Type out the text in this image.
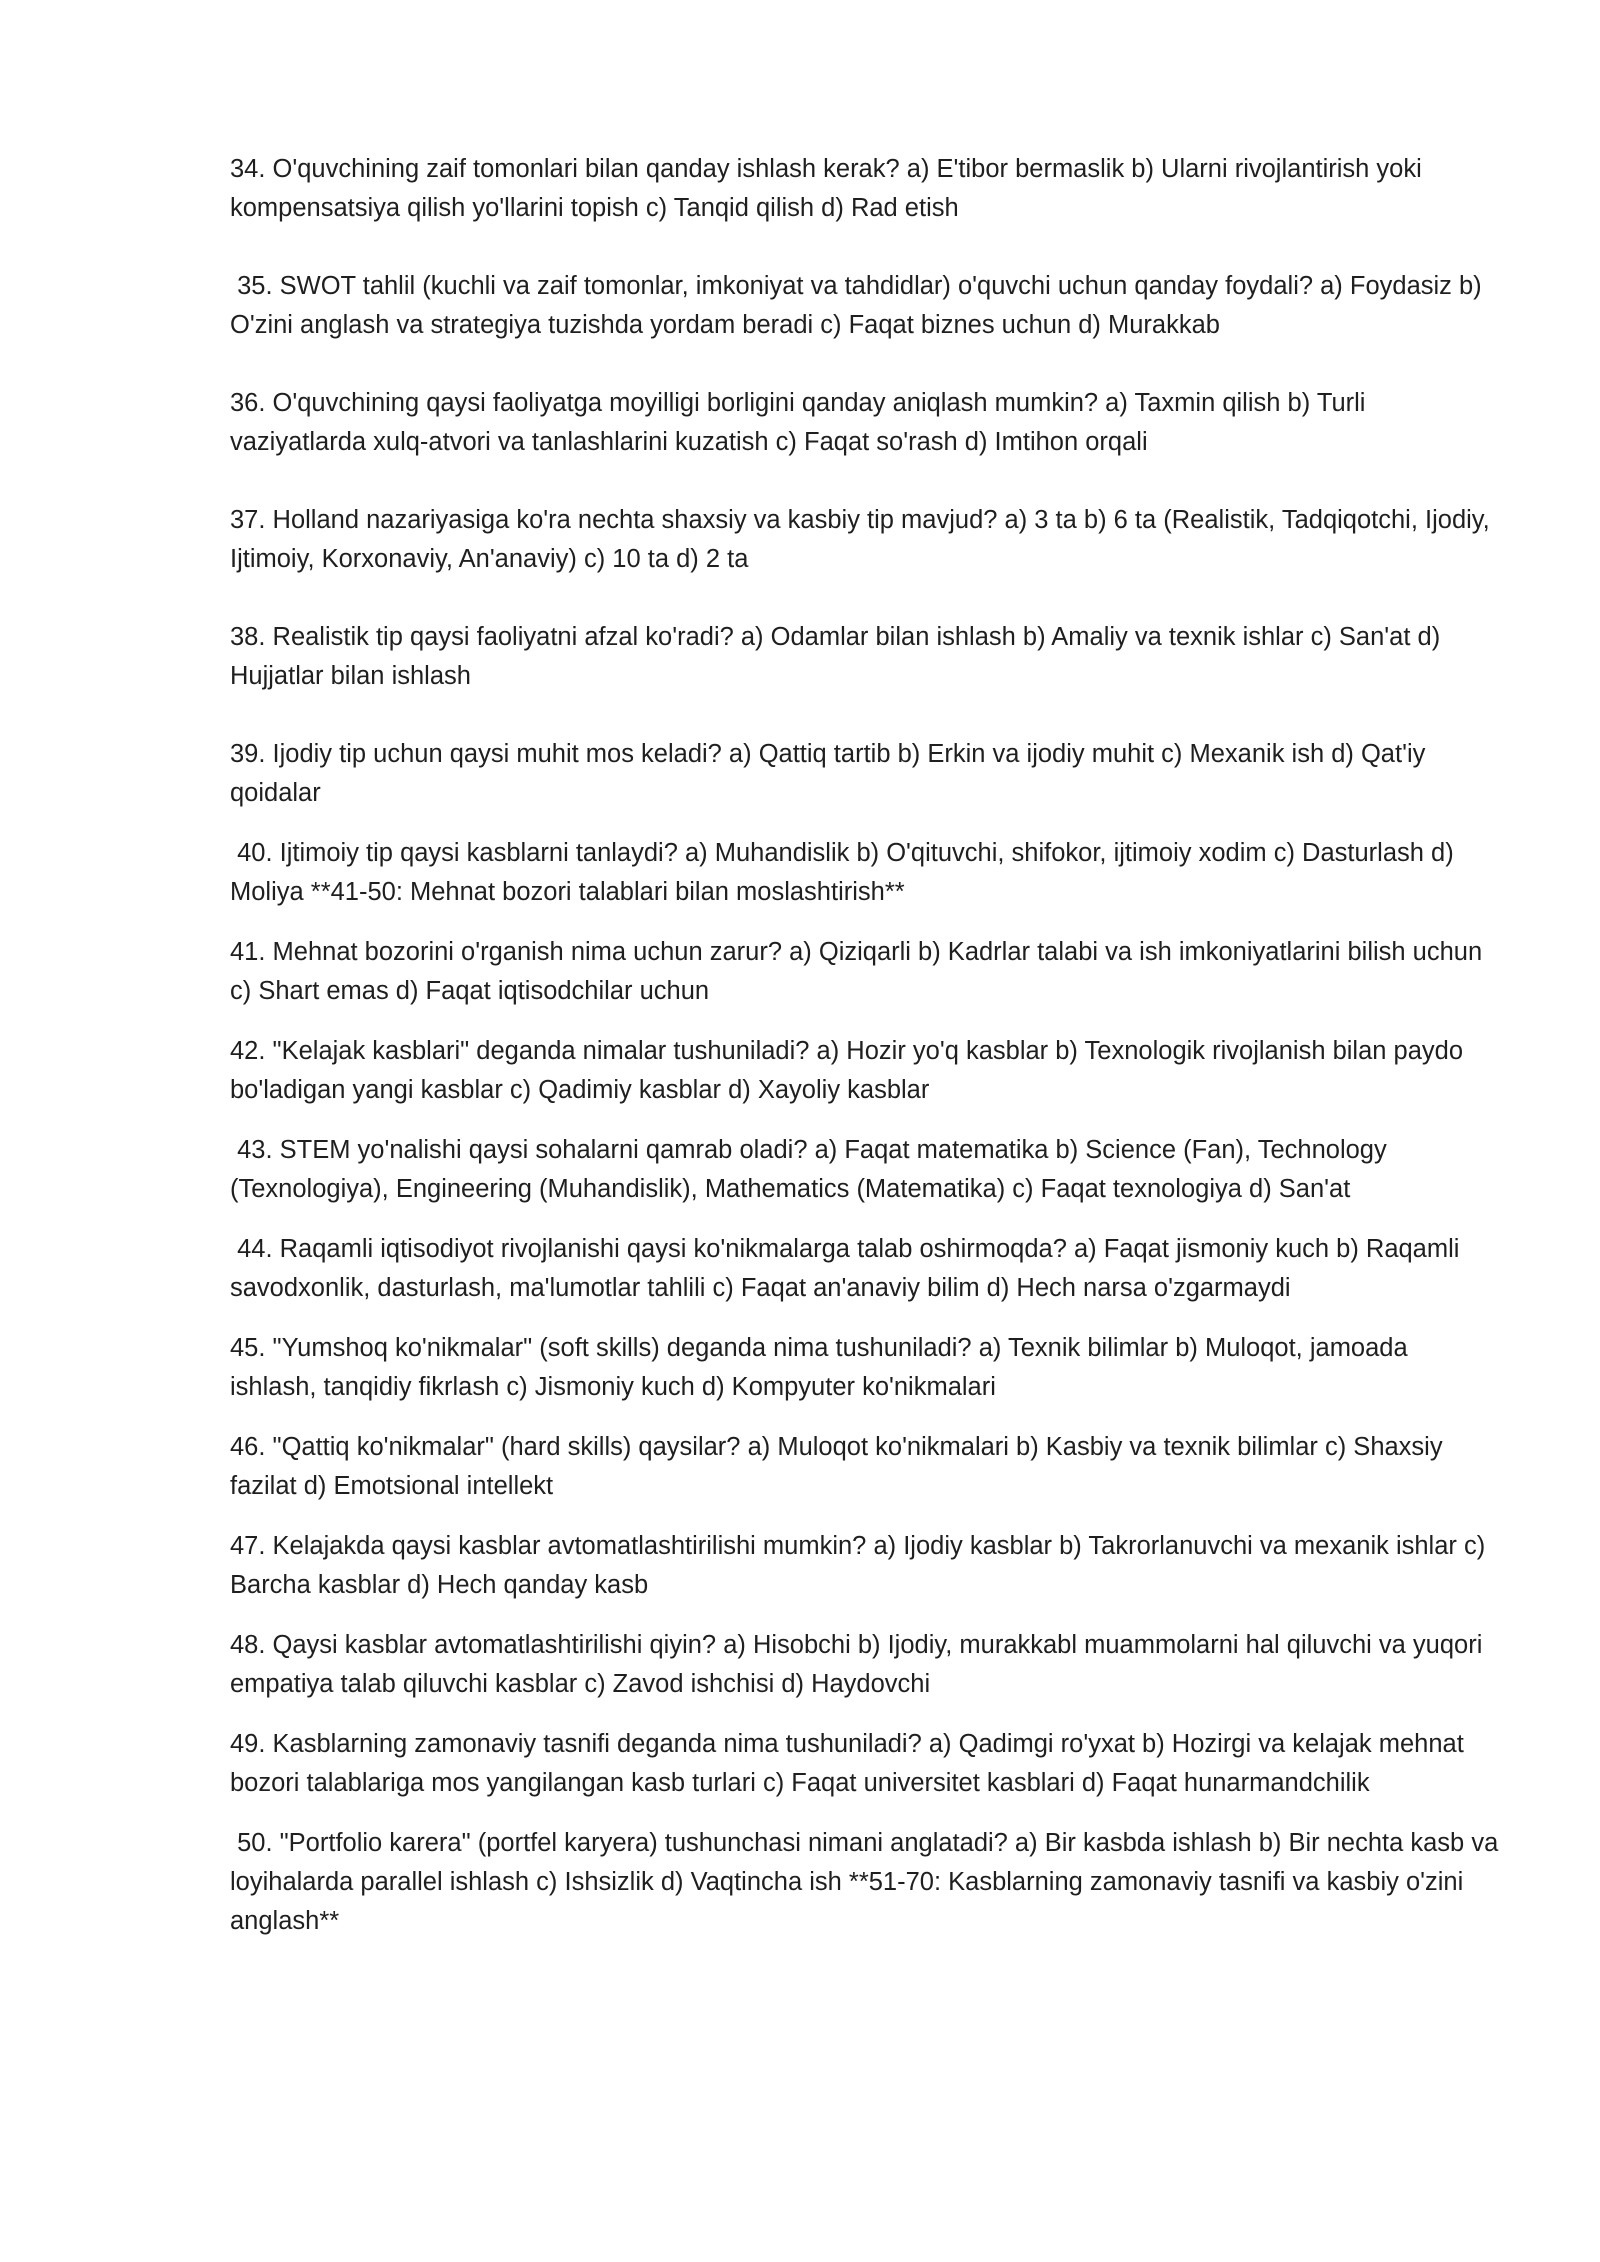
34. O'quvchining zaif tomonlari bilan qanday ishlash kerak? a) E'tibor bermaslik b) Ularni rivojlantirish yoki kompensatsiya qilish yo'llarini topish c) Tanqid qilish d) Rad etish

35. SWOT tahlil (kuchli va zaif tomonlar, imkoniyat va tahdidlar) o'quvchi uchun qanday foydali? a) Foydasiz b) O'zini anglash va strategiya tuzishda yordam beradi c) Faqat biznes uchun d) Murakkab

36. O'quvchining qaysi faoliyatga moyilligi borligini qanday aniqlash mumkin? a) Taxmin qilish b) Turli vaziyatlarda xulq-atvori va tanlashlarini kuzatish c) Faqat so'rash d) Imtihon orqali

37. Holland nazariyasiga ko'ra nechta shaxsiy va kasbiy tip mavjud? a) 3 ta b) 6 ta (Realistik, Tadqiqotchi, Ijodiy, Ijtimoiy, Korxonaviy, An'anaviy) c) 10 ta d) 2 ta

38. Realistik tip qaysi faoliyatni afzal ko'radi? a) Odamlar bilan ishlash b) Amaliy va texnik ishlar c) San'at d) Hujjatlar bilan ishlash

39. Ijodiy tip uchun qaysi muhit mos keladi? a) Qattiq tartib b) Erkin va ijodiy muhit c) Mexanik ish d) Qat'iy qoidalar

40. Ijtimoiy tip qaysi kasblarni tanlaydi? a) Muhandislik b) O'qituvchi, shifokor, ijtimoiy xodim c) Dasturlash d) Moliya **41-50: Mehnat bozori talablari bilan moslashtirish**

41. Mehnat bozorini o'rganish nima uchun zarur? a) Qiziqarli b) Kadrlar talabi va ish imkoniyatlarini bilish uchun c) Shart emas d) Faqat iqtisodchilar uchun

42. "Kelajak kasblari" deganda nimalar tushuniladi? a) Hozir yo'q kasblar b) Texnologik rivojlanish bilan paydo bo'ladigan yangi kasblar c) Qadimiy kasblar d) Xayoliy kasblar

43. STEM yo'nalishi qaysi sohalarni qamrab oladi? a) Faqat matematika b) Science (Fan), Technology (Texnologiya), Engineering (Muhandislik), Mathematics (Matematika) c) Faqat texnologiya d) San'at

44. Raqamli iqtisodiyot rivojlanishi qaysi ko'nikmalarga talab oshirmoqda? a) Faqat jismoniy kuch b) Raqamli savodxonlik, dasturlash, ma'lumotlar tahlili c) Faqat an'anaviy bilim d) Hech narsa o'zgarmaydi

45. "Yumshoq ko'nikmalar" (soft skills) deganda nima tushuniladi? a) Texnik bilimlar b) Muloqot, jamoada ishlash, tanqidiy fikrlash c) Jismoniy kuch d) Kompyuter ko'nikmalari

46. "Qattiq ko'nikmalar" (hard skills) qaysilar? a) Muloqot ko'nikmalari b) Kasbiy va texnik bilimlar c) Shaxsiy fazilat d) Emotsional intellekt

47. Kelajakda qaysi kasblar avtomatlashtirilishi mumkin? a) Ijodiy kasblar b) Takrorlanuvchi va mexanik ishlar c) Barcha kasblar d) Hech qanday kasb

48. Qaysi kasblar avtomatlashtirilishi qiyin? a) Hisobchi b) Ijodiy, murakkabl muammolarni hal qiluvchi va yuqori empatiya talab qiluvchi kasblar c) Zavod ishchisi d) Haydovchi

49. Kasblarning zamonaviy tasnifi deganda nima tushuniladi? a) Qadimgi ro'yxat b) Hozirgi va kelajak mehnat bozori talablariga mos yangilangan kasb turlari c) Faqat universitet kasblari d) Faqat hunarmandchilik

50. "Portfolio karera" (portfel karyera) tushunchasi nimani anglatadi? a) Bir kasbda ishlash b) Bir nechta kasb va loyihalarda parallel ishlash c) Ishsizlik d) Vaqtincha ish **51-70: Kasblarning zamonaviy tasnifi va kasbiy o'zini anglash**
